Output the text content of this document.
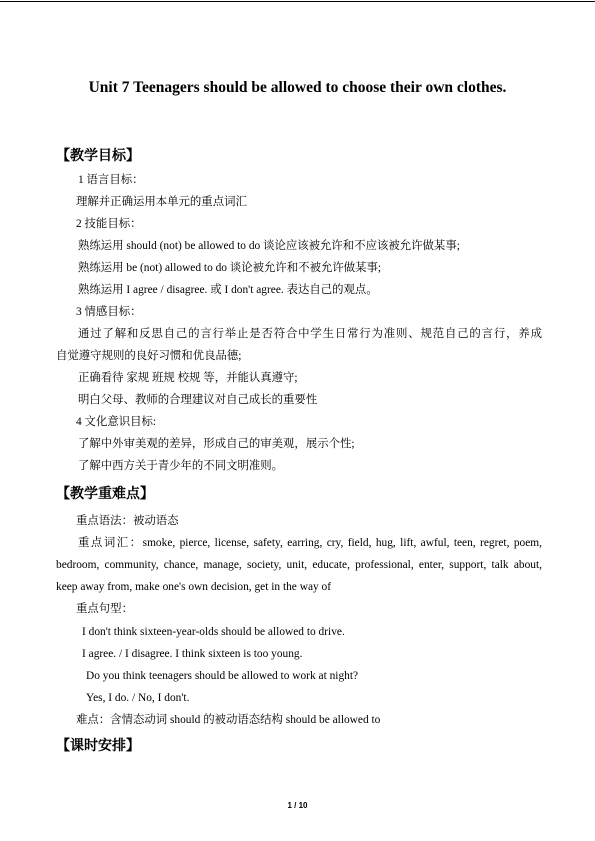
Unit 7 Teenagers should be allowed to choose their own clothes.
【教学目标】
1 语言目标：
理解并正确运用本单元的重点词汇
2 技能目标：
熟练运用 should (not) be allowed to do 谈论应该被允许和不应该被允许做某事;
熟练运用 be (not) allowed to do 谈论被允许和不被允许做某事;
熟练运用 I agree / disagree. 或 I don't agree. 表达自己的观点。
3 情感目标：
通过了解和反思自己的言行举止是否符合中学生日常行为准则、规范自己的言行，养成
自觉遵守规则的良好习惯和优良品德;
正确看待 家规 班规 校规 等，并能认真遵守;
明白父母、教师的合理建议对自己成长的重要性
4 文化意识目标:
了解中外审美观的差异，形成自己的审美观，展示个性;
了解中西方关于青少年的不同文明准则。
【教学重难点】
重点语法：被动语态
重点词汇：smoke, pierce, license, safety, earring, cry, field, hug, lift, awful, teen, regret, poem,
bedroom, community, chance, manage, society, unit, educate, professional, enter, support, talk about,
keep away from, make one's own decision, get in the way of
重点句型：
I don't think sixteen-year-olds should be allowed to drive.
I agree. / I disagree. I think sixteen is too young.
Do you think teenagers should be allowed to work at night?
Yes, I do. / No, I don't.
难点：含情态动词 should 的被动语态结构 should be allowed to
【课时安排】
1 / 10
